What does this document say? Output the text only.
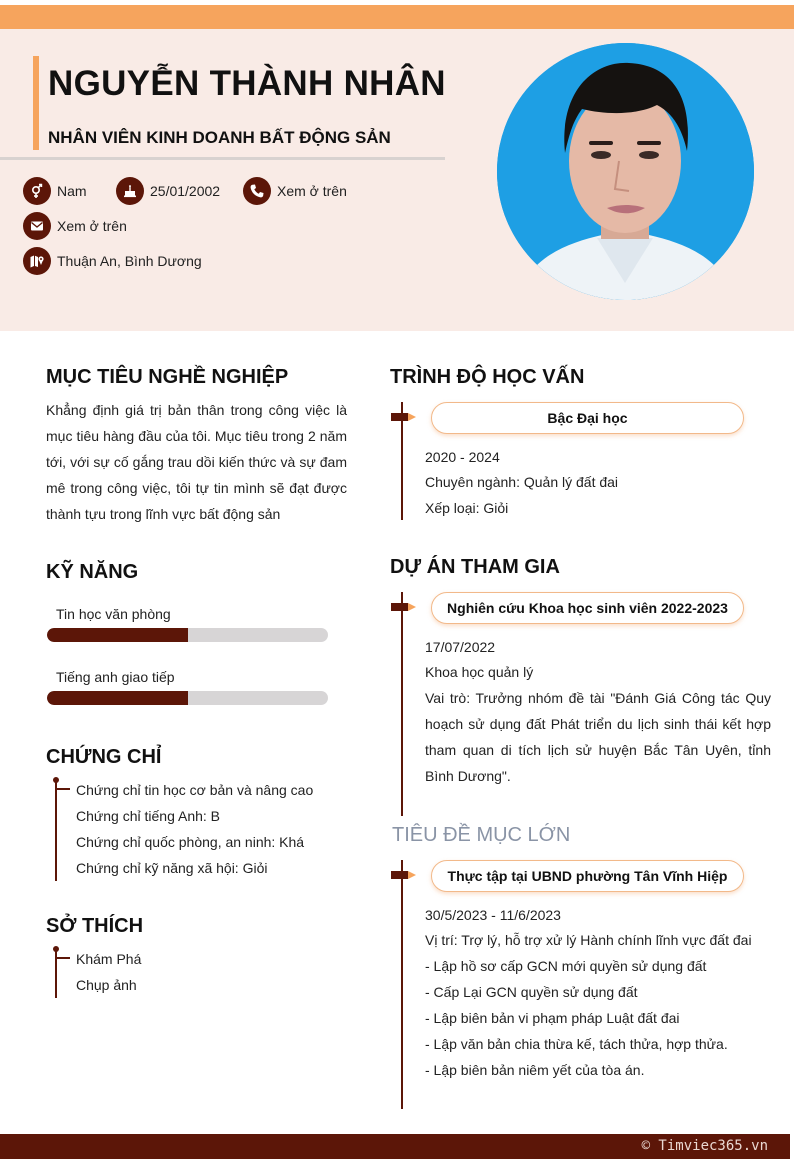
NGUYỄN THÀNH NHÂN
NHÂN VIÊN KINH DOANH BẤT ĐỘNG SẢN
Nam	25/01/2002	Xem ở trên
Xem ở trên
Thuận An, Bình Dương
MỤC TIÊU NGHỀ NGHIỆP
Khẳng định giá trị bản thân trong công việc là mục tiêu hàng đầu của tôi. Mục tiêu trong 2 năm tới, với sự cố gắng trau dồi kiến thức và sự đam mê trong công việc, tôi tự tin mình sẽ đạt được thành tựu trong lĩnh vực bất động sản
KỸ NĂNG
Tin học văn phòng
Tiếng anh giao tiếp
CHỨNG CHỈ
Chứng chỉ tin học cơ bản và nâng cao
Chứng chỉ tiếng Anh: B
Chứng chỉ quốc phòng, an ninh: Khá
Chứng chỉ kỹ năng xã hội: Giỏi
SỞ THÍCH
Khám Phá
Chụp ảnh
TRÌNH ĐỘ HỌC VẤN
Bậc Đại học
2020 - 2024
Chuyên ngành: Quản lý đất đai
Xếp loại: Giỏi
DỰ ÁN THAM GIA
Nghiên cứu Khoa học sinh viên 2022-2023
17/07/2022
Khoa học quản lý
Vai trò: Trưởng nhóm đề tài "Đánh Giá Công tác Quy hoạch sử dụng đất Phát triển du lịch sinh thái kết hợp tham quan di tích lịch sử huyện Bắc Tân Uyên, tỉnh Bình Dương".
TIÊU ĐỀ MỤC LỚN
Thực tập tại UBND phường Tân Vĩnh Hiệp
30/5/2023 - 11/6/2023
Vị trí: Trợ lý, hỗ trợ xử lý Hành chính lĩnh vực đất đai
- Lập hồ sơ cấp GCN mới quyền sử dụng đất
- Cấp Lại GCN quyền sử dụng đất
- Lập biên bản vi phạm pháp Luật đất đai
- Lập văn bản chia thừa kế, tách thửa, hợp thửa.
- Lập biên bản niêm yết của tòa án.
© Timviec365.vn
